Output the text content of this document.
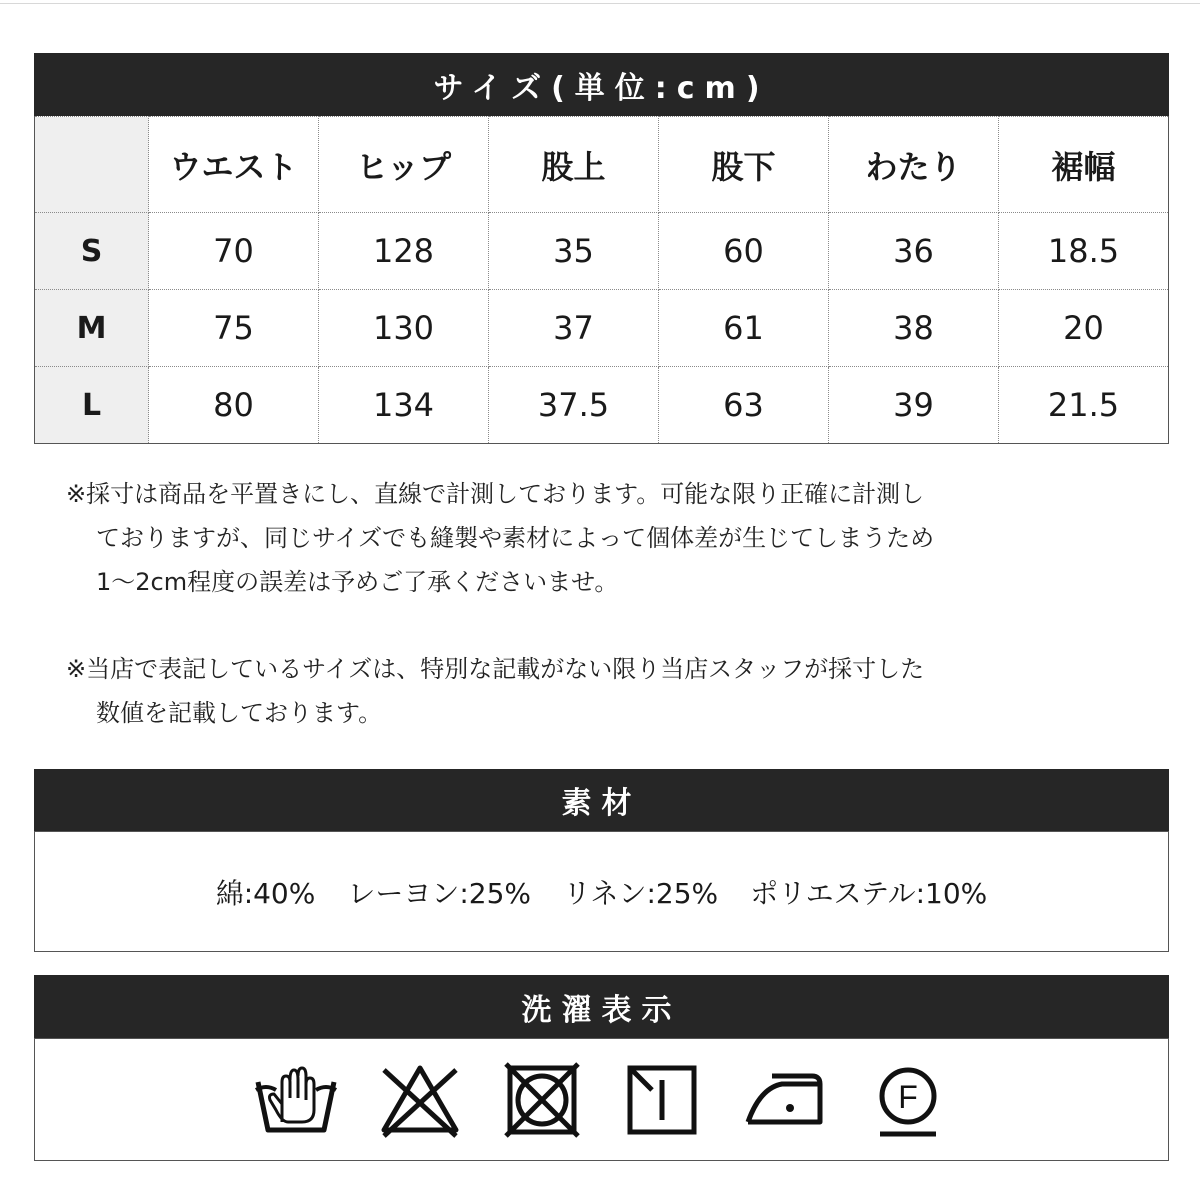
サイズ(単位:cm)
	ウエスト	ヒップ	股上	股下	わたり	裾幅
S	70	128	35	60	36	18.5
M	75	130	37	61	38	20
L	80	134	37.5	63	39	21.5
※採寸は商品を平置きにし、直線で計測しております。可能な限り正確に計測し
ておりますが、同じサイズでも縫製や素材によって個体差が生じてしまうため
1〜2cm程度の誤差は予めご了承くださいませ。
※当店で表記しているサイズは、特別な記載がない限り当店スタッフが採寸した
数値を記載しております。
素材
綿:40% レーヨン:25% リネン:25% ポリエステル:10%
洗濯表示
F
